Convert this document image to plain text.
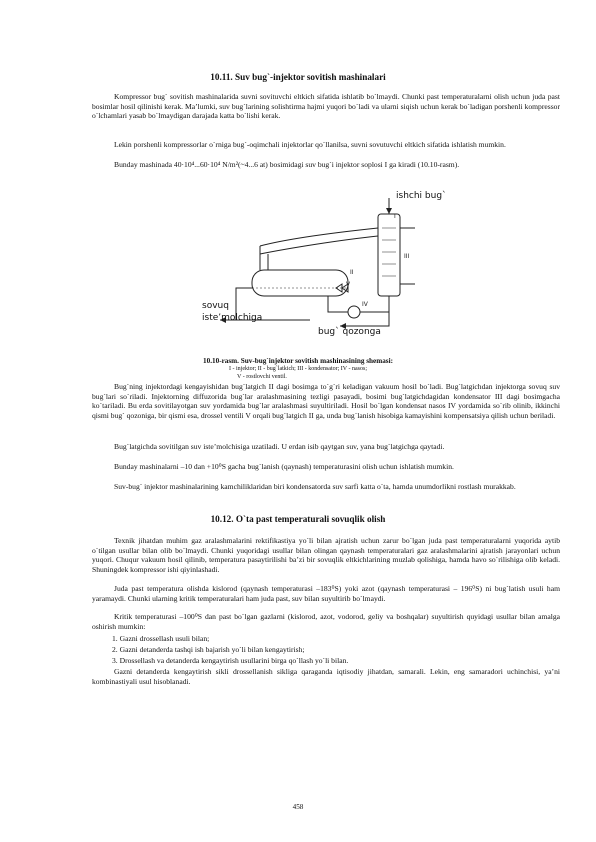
10.11. Suv bug`-injektor sovitish mashinalari

Kompressor bug` sovitish mashinalarida suvni sovituvchi eltkich sifatida ishlatib bo`lmaydi. Chunki past temperaturalarni olish uchun juda past bosimlar hosil qilinishi kerak. Ma’lumki, suv bug`larining solishtirma hajmi yuqori bo`ladi va ularni siqish uchun kerak bo`ladigan porshenli kompressor o`lchamlari yasab bo`lmaydigan darajada katta bo`lishi kerak.

Lekin porshenli kompressorlar o`rniga bug`-oqimchali injektorlar qo`llanilsa, suvni sovutuvchi eltkich sifatida ishlatish mumkin.

Bunday mashinada 40·10⁴...60·10⁴ N/m²(~4...6 at) bosimidagi suv bug`i injektor soplosi I ga kiradi (10.10-rasm).

I
II
III
IV
V
ishchi bug`
sovuq
iste’molchiga
bug` qozonga

10.10-rasm. Suv-bug`injektor sovitish mashinasining shemasi:

I - injektor; II - bug`latkich; III - kondensator; IV - nasos;

V - rostlovchi ventil.

Bug`ning injektordagi kengayishidan bug`latgich II dagi bosimga to`g`ri keladigan vakuum hosil bo`ladi. Bug`latgichdan injektorga sovuq suv bug`lari so`riladi. Injektorning diffuzorida bug`lar aralashmasining tezligi pasayadi, bosimi bug`latgichdagidan kondensator III dagi bosimgacha ko`tariladi. Bu erda sovitilayotgan suv yordamida bug`lar aralashmasi suyultiriladi. Hosil bo`lgan kondensat nasos IV yordamida so`rib olinib, ikkinchi qismi bug` qozoniga, bir qismi esa, drossel ventili V orqali bug`latgich II ga, unda bug`lanish hisobiga kamayishini kompensatsiya qilish uchun beriladi.

Bug`latgichda sovitilgan suv iste’molchisiga uzatiladi. U erdan isib qaytgan suv, yana bug`latgichga qaytadi.

Bunday mashinalarni –10 dan +10⁰S gacha bug`lanish (qaynash) temperaturasini olish uchun ishlatish mumkin.

Suv-bug` injektor mashinalarining kamchiliklaridan biri kondensatorda suv sarfi katta o`ta, hamda unumdorlikni rostlash murakkab.

10.12. O`ta past temperaturali sovuqlik olish

Texnik jihatdan muhim gaz aralashmalarini rektifikastiya yo`li bilan ajratish uchun zarur bo`lgan juda past temperaturalarni yuqorida aytib o`tilgan usullar bilan olib bo`lmaydi. Chunki yuqoridagi usullar bilan olingan qaynash temperaturalari gaz aralashmalarini ajratish jarayonlari uchun yuqori. Chuqur vakuum hosil qilinib, temperatura pasaytirilishi ba’zi bir sovuqlik eltkichlarining muzlab qolishiga, hamda havo so`rilishiga olib keladi. Shuningdek kompressor ishi qiyinlashadi.

Juda past temperatura olishda kislorod (qaynash temperaturasi –183⁰S) yoki azot (qaynash temperaturasi – 196⁰S) ni bug`latish usuli ham yaramaydi. Chunki ularning kritik temperaturalari ham juda past, suv bilan suyultirib bo`lmaydi.

Kritik temperaturasi –100⁰S dan past bo`lgan gazlarni (kislorod, azot, vodorod, geliy va boshqalar) suyultirish quyidagi usullar bilan amalga oshirish mumkin:

1. Gazni drossellash usuli bilan;

2. Gazni detanderda tashqi ish bajarish yo`li bilan kengaytirish;

3. Drossellash va detanderda kengaytirish usullarini birga qo`llash yo`li bilan.

Gazni detanderda kengaytirish sikli drossellanish sikliga qaraganda iqtisodiy jihatdan, samarali. Lekin, eng samaradori uchinchisi, ya’ni kombinastiyali usul hisoblanadi.

458
